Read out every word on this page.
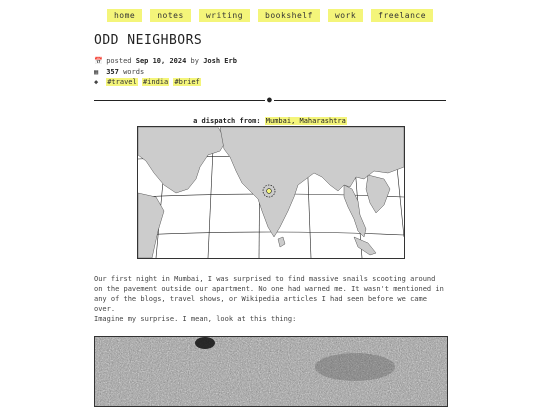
home	notes	writing	bookshelf	work	freelance
ODD NEIGHBORS
📅 posted Sep 10, 2024 by Josh Erb
▦ 357 words
◆ #travel #india #brief
●
a dispatch from: Mumbai, Maharashtra

Our first night in Mumbai, I was surprised to find massive snails scooting around on the pavement outside our apartment. No one had warned me. It wasn't mentioned in any of the blogs, travel shows, or Wikipedia articles I had seen before we came over.

Imagine my surprise. I mean, look at this thing:
